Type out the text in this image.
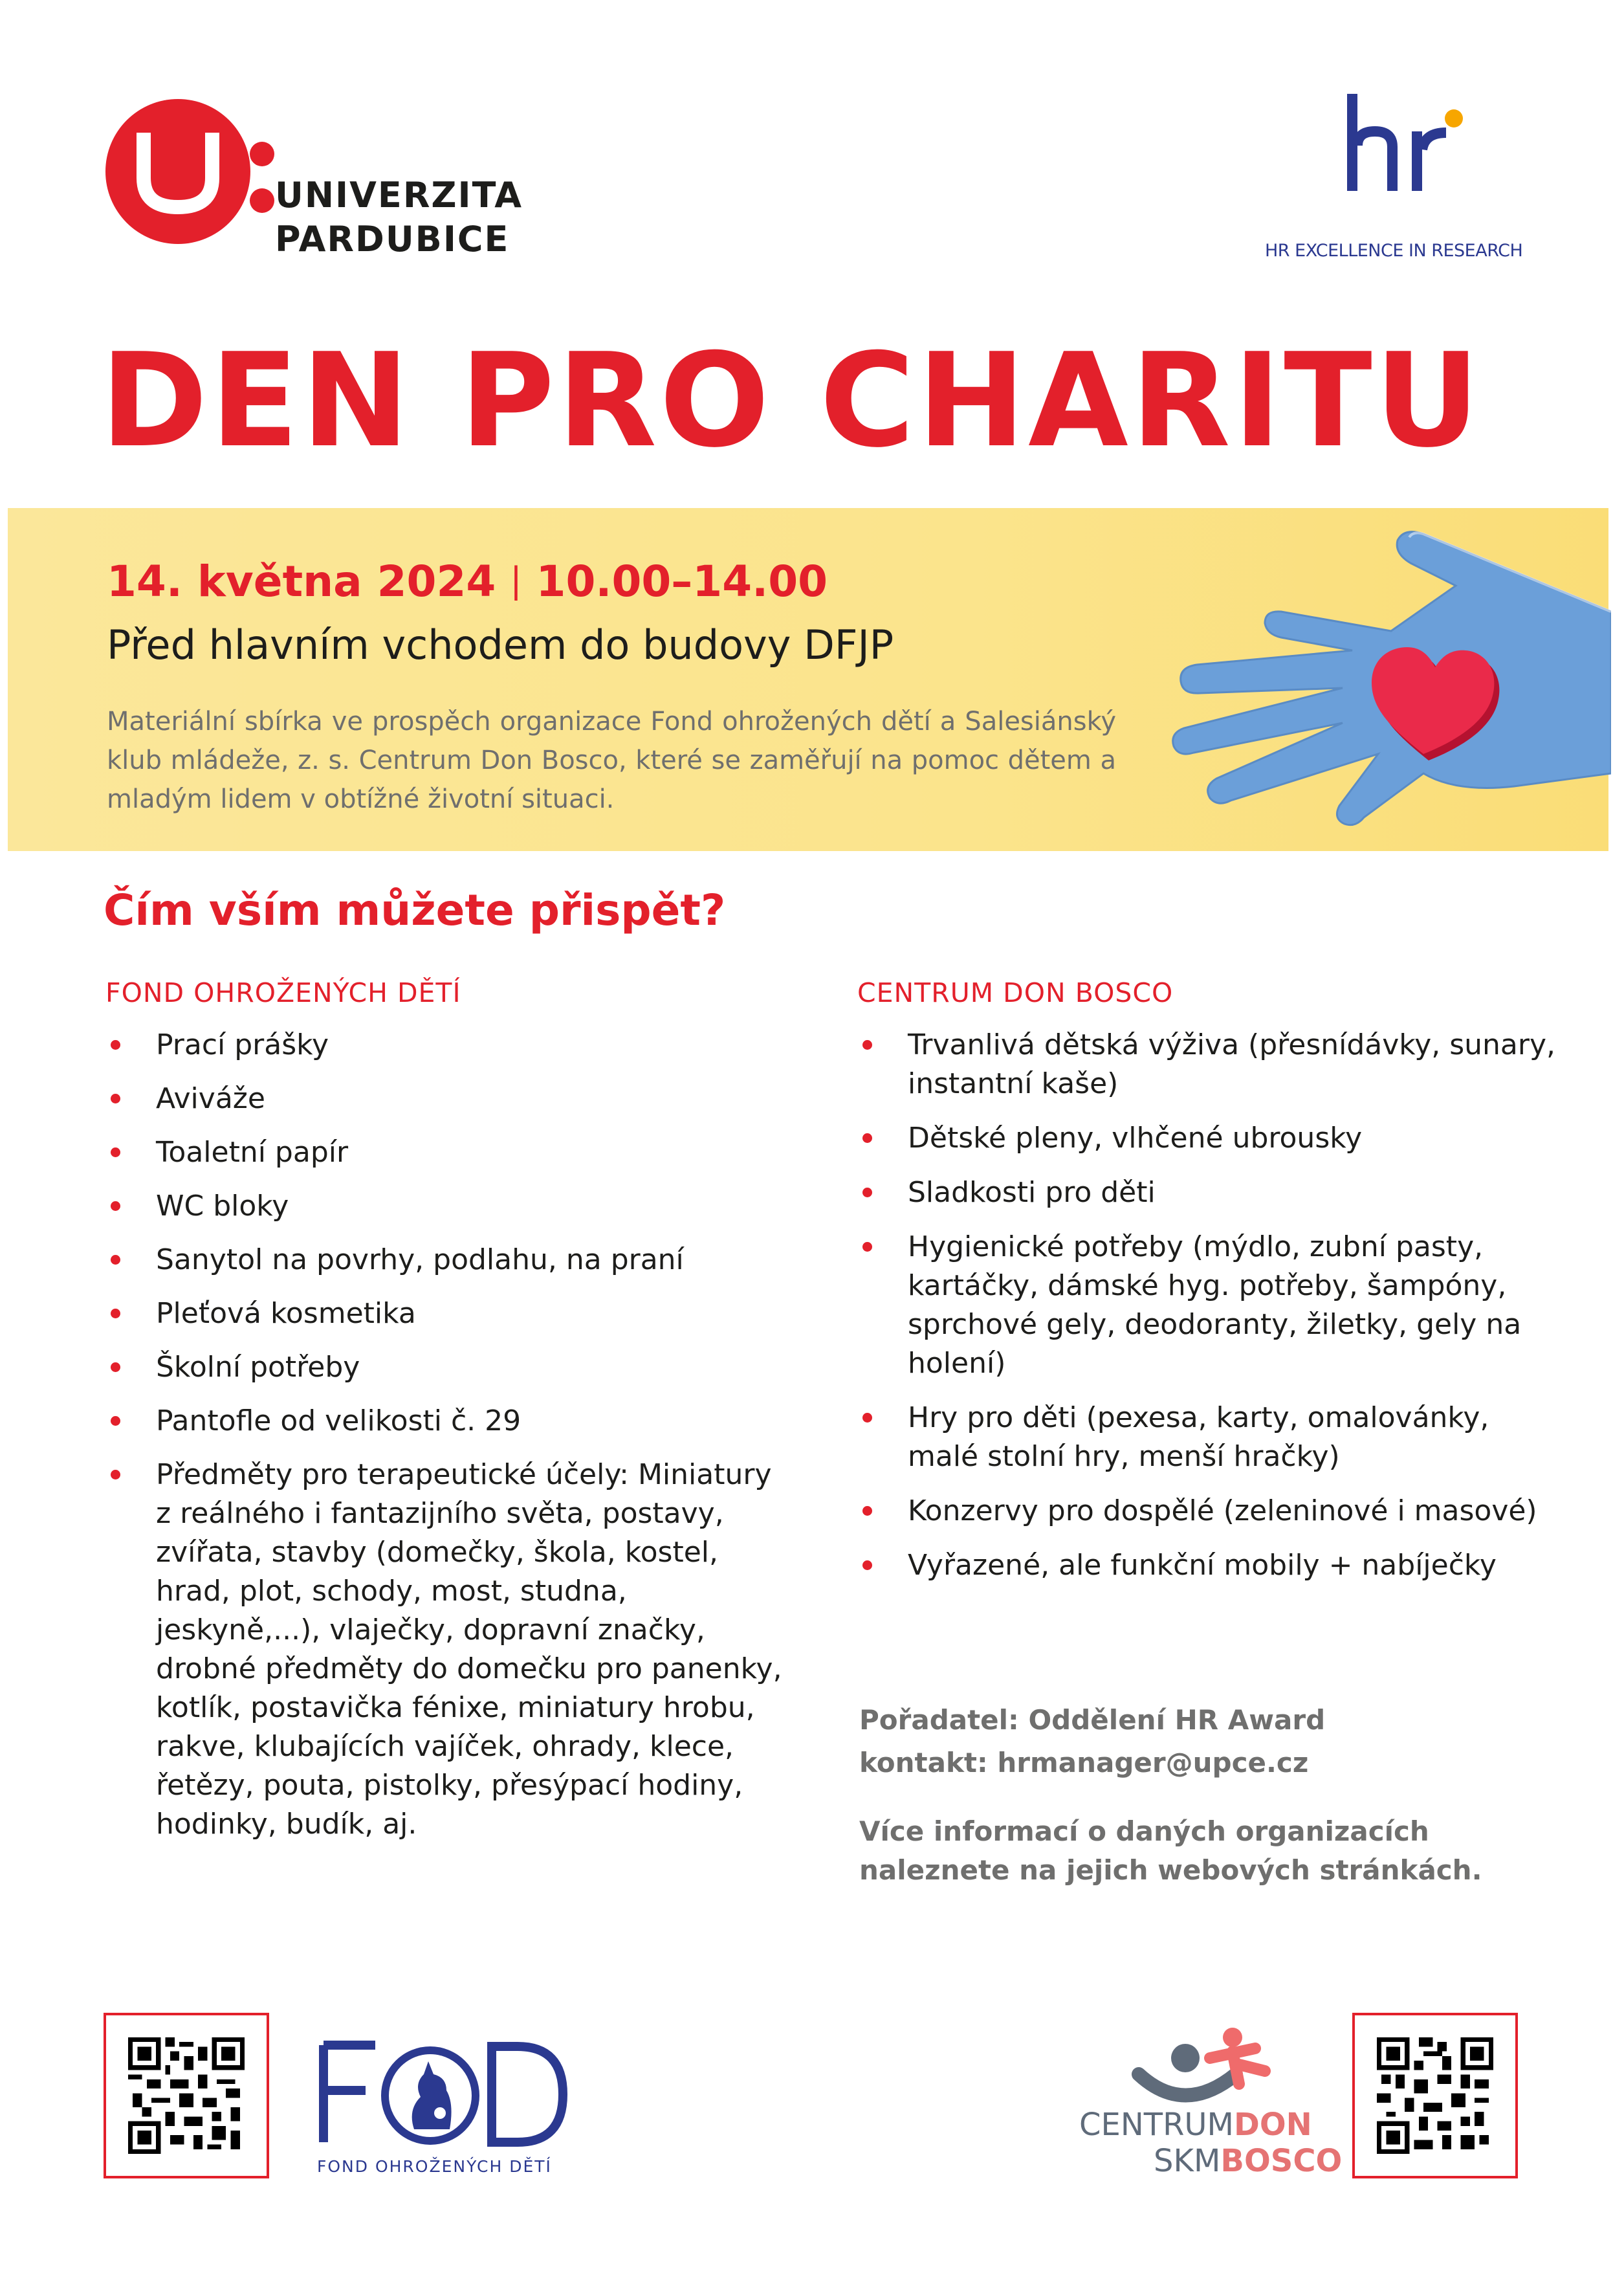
UNIVERZITA
PARDUBICE	HR EXCELLENCE IN RESEARCH
DEN PRO CHARITU
14. května 2024 | 10.00–14.00
Před hlavním vchodem do budovy DFJP
Materiální sbírka ve prospěch organizace Fond ohrožených dětí a Salesiánský klub mládeže, z. s. Centrum Don Bosco, které se zaměřují na pomoc dětem a mladým lidem v obtížné životní situaci.
Čím vším můžete přispět?
FOND OHROŽENÝCH DĚTÍ
Prací prášky
Aviváže
Toaletní papír
WC bloky
Sanytol na povrhy, podlahu, na praní
Pleťová kosmetika
Školní potřeby
Pantofle od velikosti č. 29
Předměty pro terapeutické účely: Miniatury z reálného i fantazijního světa, postavy, zvířata, stavby (domečky, škola, kostel, hrad, plot, schody, most, studna, jeskyně,...), vlaječky, dopravní značky, drobné předměty do domečku pro panenky, kotlík, postavička fénixe, miniatury hrobu, rakve, klubajících vajíček, ohrady, klece, řetězy, pouta, pistolky, přesýpací hodiny, hodinky, budík, aj.
CENTRUM DON BOSCO
Trvanlivá dětská výživa (přesnídávky, sunary, instantní kaše)
Dětské pleny, vlhčené ubrousky
Sladkosti pro děti
Hygienické potřeby (mýdlo, zubní pasty, kartáčky, dámské hyg. potřeby, šampóny, sprchové gely, deodoranty, žiletky, gely na holení)
Hry pro děti (pexesa, karty, omalovánky, malé stolní hry, menší hračky)
Konzervy pro dospělé (zeleninové i masové)
Vyřazené, ale funkční mobily + nabíječky
Pořadatel: Oddělení HR Award
kontakt: hrmanager@upce.cz
Více informací o daných organizacích
naleznete na jejich webových stránkách.
FOND OHROŽENÝCH DĚTÍ
CENTRUMDON
SKMBOSCO
